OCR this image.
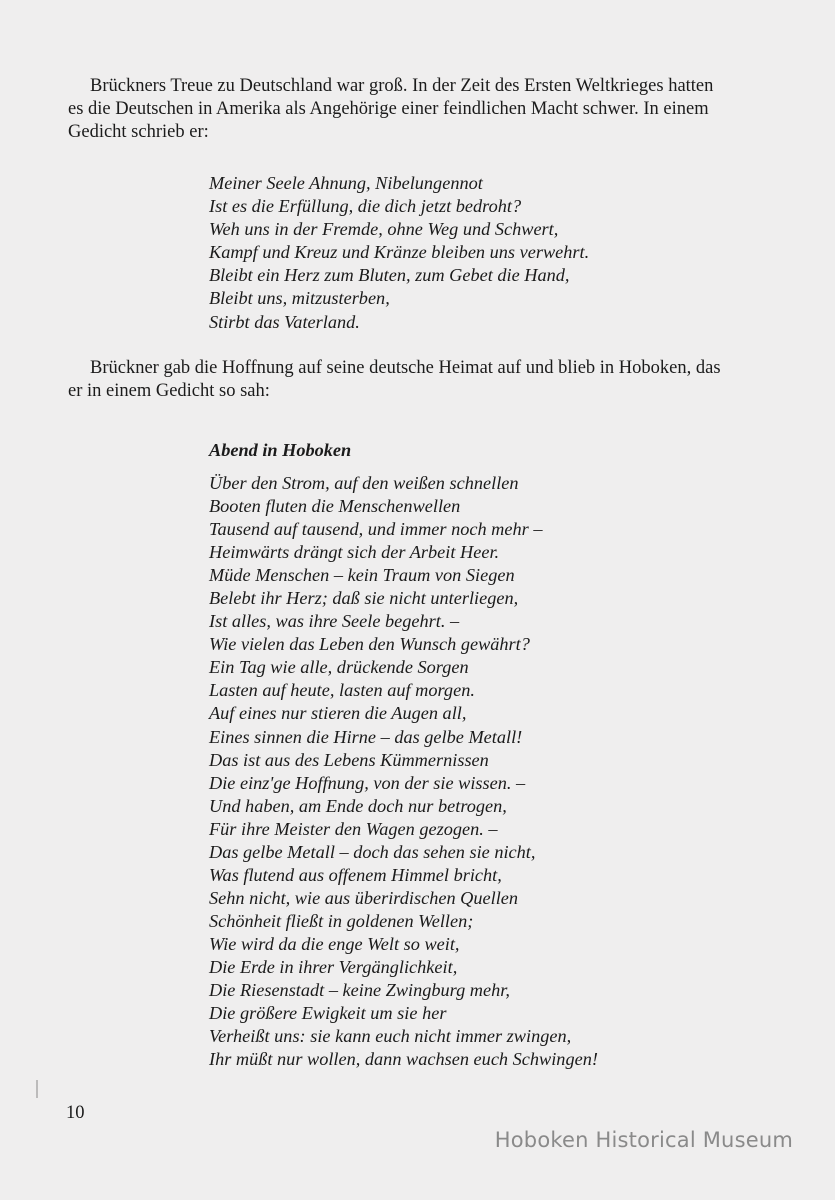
Brückners Treue zu Deutschland war groß. In der Zeit des Ersten Weltkrieges hatten
es die Deutschen in Amerika als Angehörige einer feindlichen Macht schwer. In einem
Gedicht schrieb er:
Meiner Seele Ahnung, Nibelungennot
Ist es die Erfüllung, die dich jetzt bedroht?
Weh uns in der Fremde, ohne Weg und Schwert,
Kampf und Kreuz und Kränze bleiben uns verwehrt.
Bleibt ein Herz zum Bluten, zum Gebet die Hand,
Bleibt uns, mitzusterben,
Stirbt das Vaterland.
Brückner gab die Hoffnung auf seine deutsche Heimat auf und blieb in Hoboken, das
er in einem Gedicht so sah:
Abend in Hoboken
Über den Strom, auf den weißen schnellen
Booten fluten die Menschenwellen
Tausend auf tausend, und immer noch mehr –
Heimwärts drängt sich der Arbeit Heer.
Müde Menschen – kein Traum von Siegen
Belebt ihr Herz; daß sie nicht unterliegen,
Ist alles, was ihre Seele begehrt. –
Wie vielen das Leben den Wunsch gewährt?
Ein Tag wie alle, drückende Sorgen
Lasten auf heute, lasten auf morgen.
Auf eines nur stieren die Augen all,
Eines sinnen die Hirne – das gelbe Metall!
Das ist aus des Lebens Kümmernissen
Die einz'ge Hoffnung, von der sie wissen. –
Und haben, am Ende doch nur betrogen,
Für ihre Meister den Wagen gezogen. –
Das gelbe Metall – doch das sehen sie nicht,
Was flutend aus offenem Himmel bricht,
Sehn nicht, wie aus überirdischen Quellen
Schönheit fließt in goldenen Wellen;
Wie wird da die enge Welt so weit,
Die Erde in ihrer Vergänglichkeit,
Die Riesenstadt – keine Zwingburg mehr,
Die größere Ewigkeit um sie her
Verheißt uns: sie kann euch nicht immer zwingen,
Ihr müßt nur wollen, dann wachsen euch Schwingen!
10
Hoboken Historical Museum
